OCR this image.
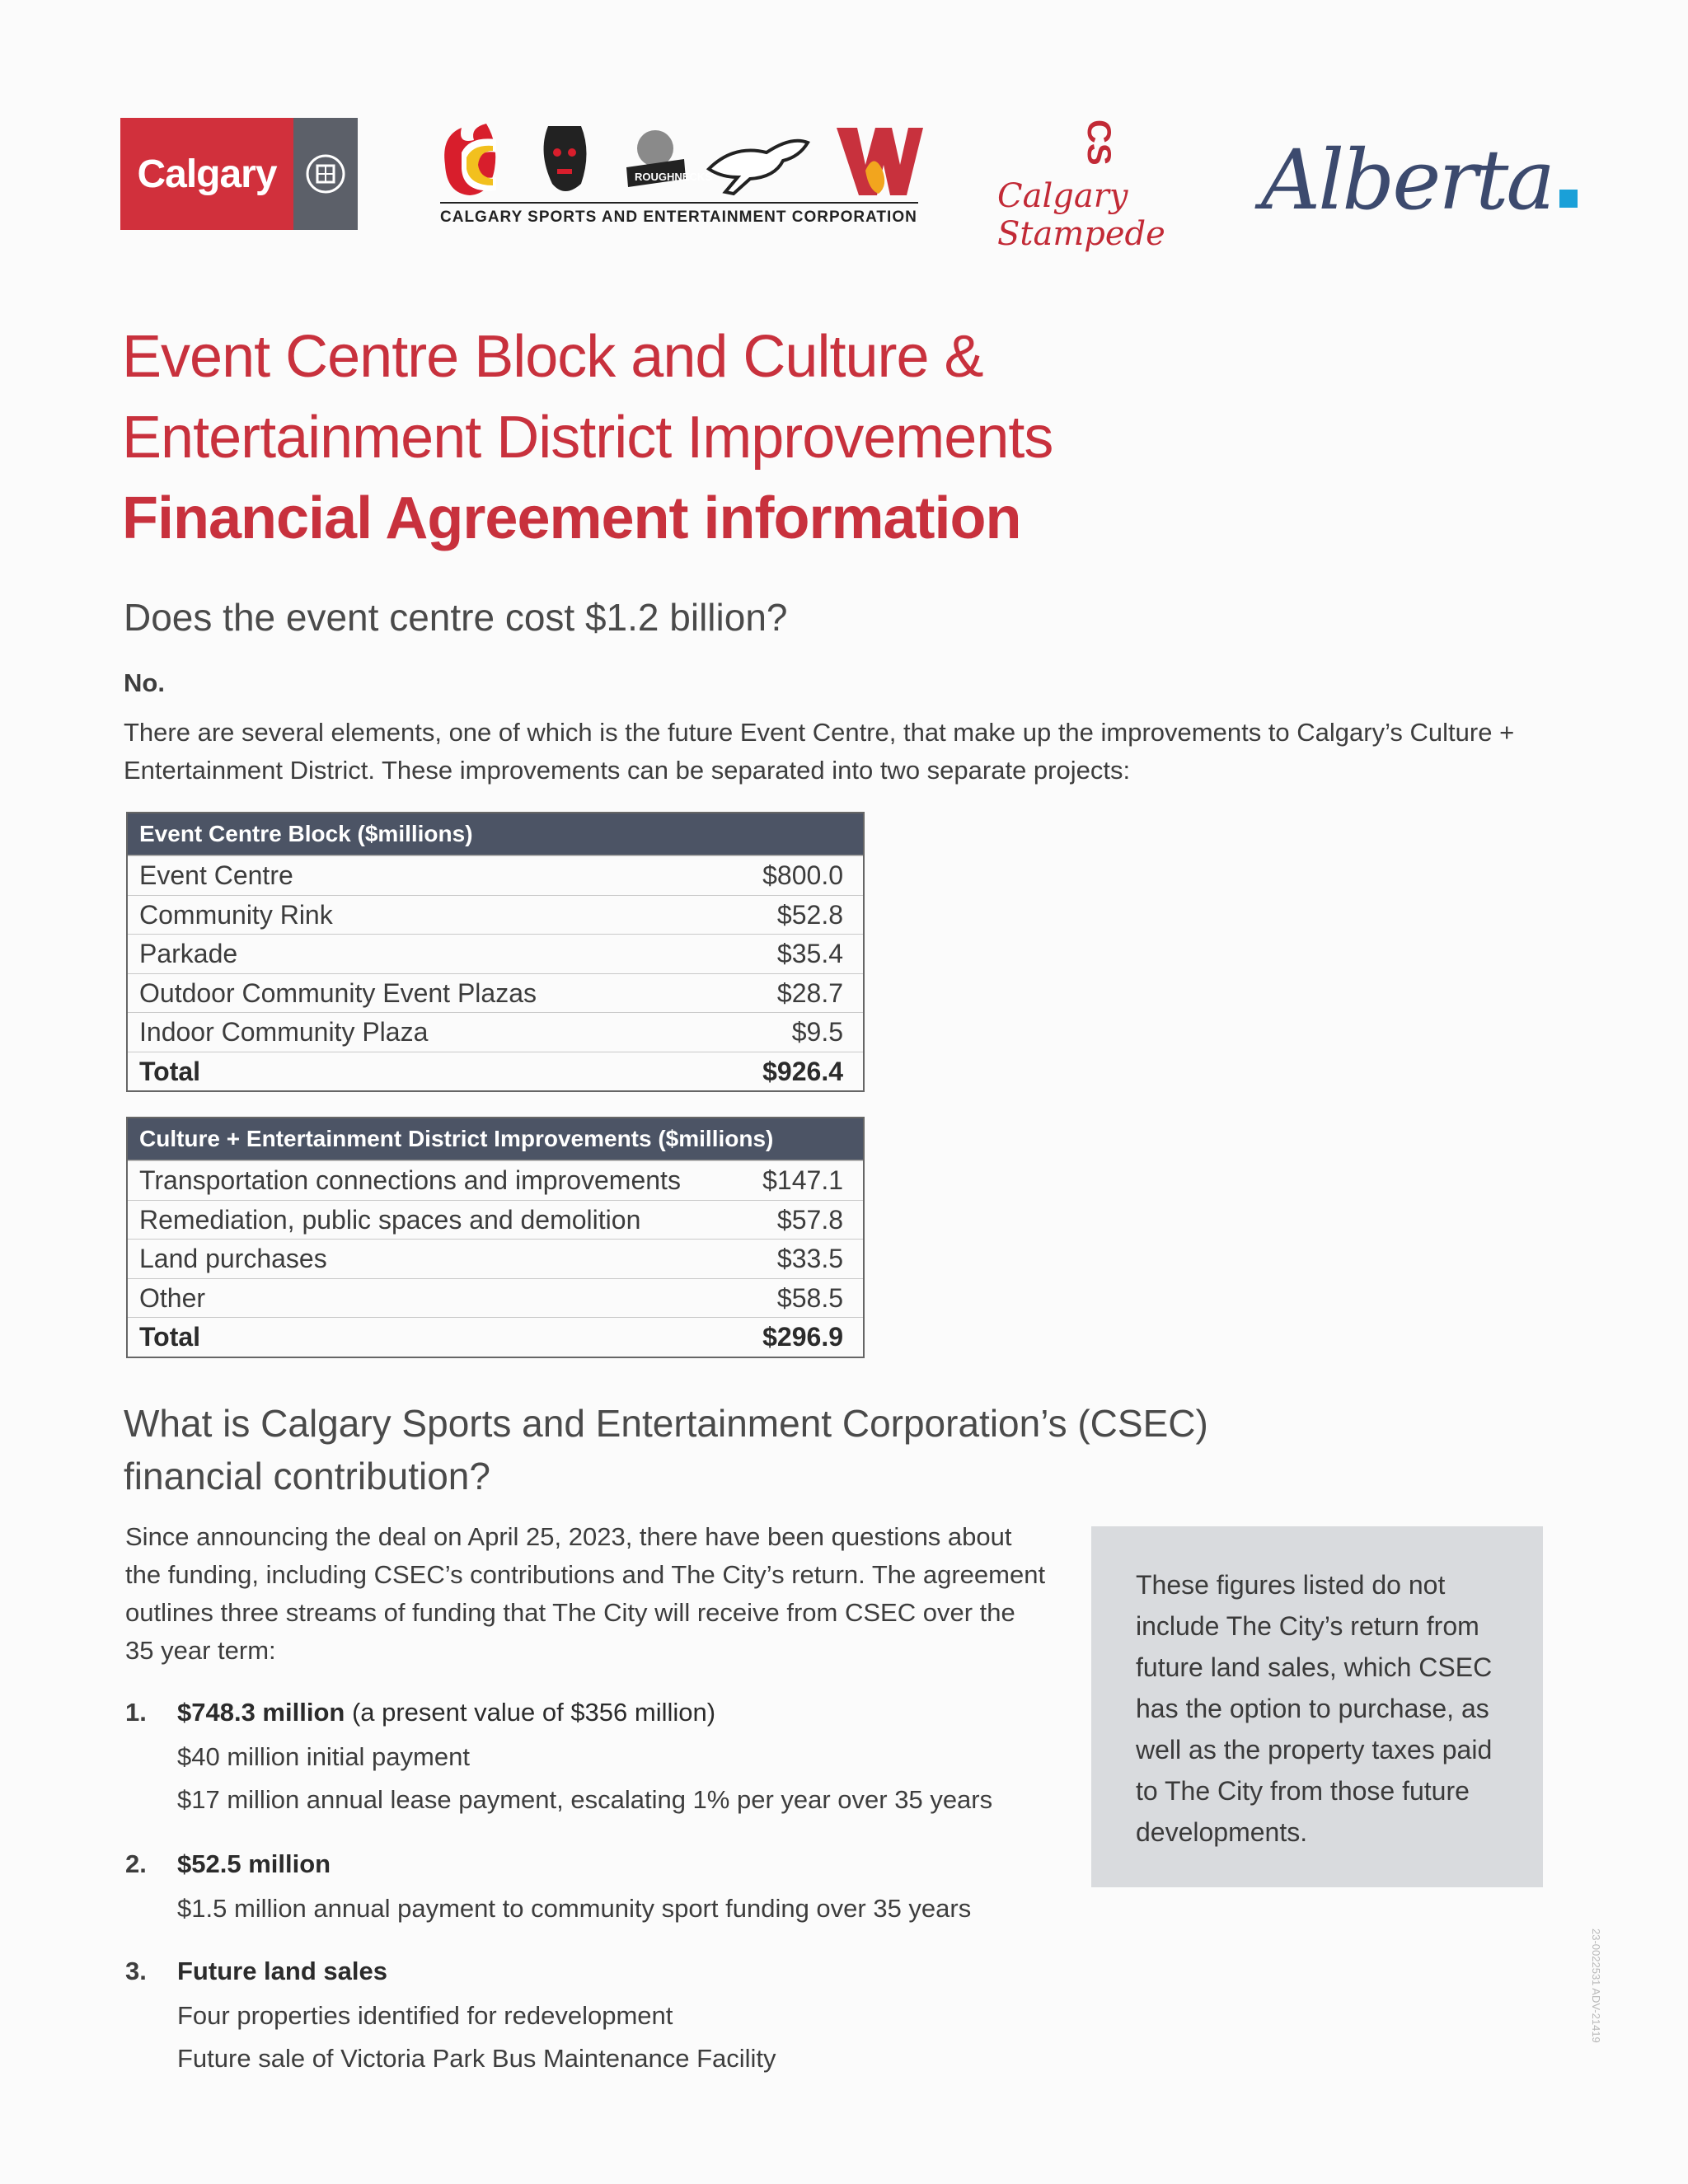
Calgary	ROUGHNECKS
CALGARY SPORTS AND ENTERTAINMENT CORPORATION
CS
Calgary Stampede
Alberta
Event Centre Block and Culture &
Entertainment District Improvements
Financial Agreement information
Does the event centre cost $1.2 billion?
No.
There are several elements, one of which is the future Event Centre, that make up the improvements to Calgary’s Culture + Entertainment District. These improvements can be separated into two separate projects:
Event Centre Block ($millions)
Event Centre	$800.0
Community Rink	$52.8
Parkade	$35.4
Outdoor Community Event Plazas	$28.7
Indoor Community Plaza	$9.5
Total	$926.4
Culture + Entertainment District Improvements ($millions)
Transportation connections and improvements	$147.1
Remediation, public spaces and demolition	$57.8
Land purchases	$33.5
Other	$58.5
Total	$296.9
What is Calgary Sports and Entertainment Corporation’s (CSEC)
financial contribution?
Since announcing the deal on April 25, 2023, there have been questions about the funding, including CSEC’s contributions and The City’s return. The agreement outlines three streams of funding that The City will receive from CSEC over the 35 year term:
1. $748.3 million (a present value of $356 million)
$40 million initial payment
$17 million annual lease payment, escalating 1% per year over 35 years
2. $52.5 million
$1.5 million annual payment to community sport funding over 35 years
3. Future land sales
Four properties identified for redevelopment
Future sale of Victoria Park Bus Maintenance Facility
These figures listed do not include The City’s return from future land sales, which CSEC has the option to purchase, as well as the property taxes paid to The City from those future developments.
23-0022531 ADV-21419
